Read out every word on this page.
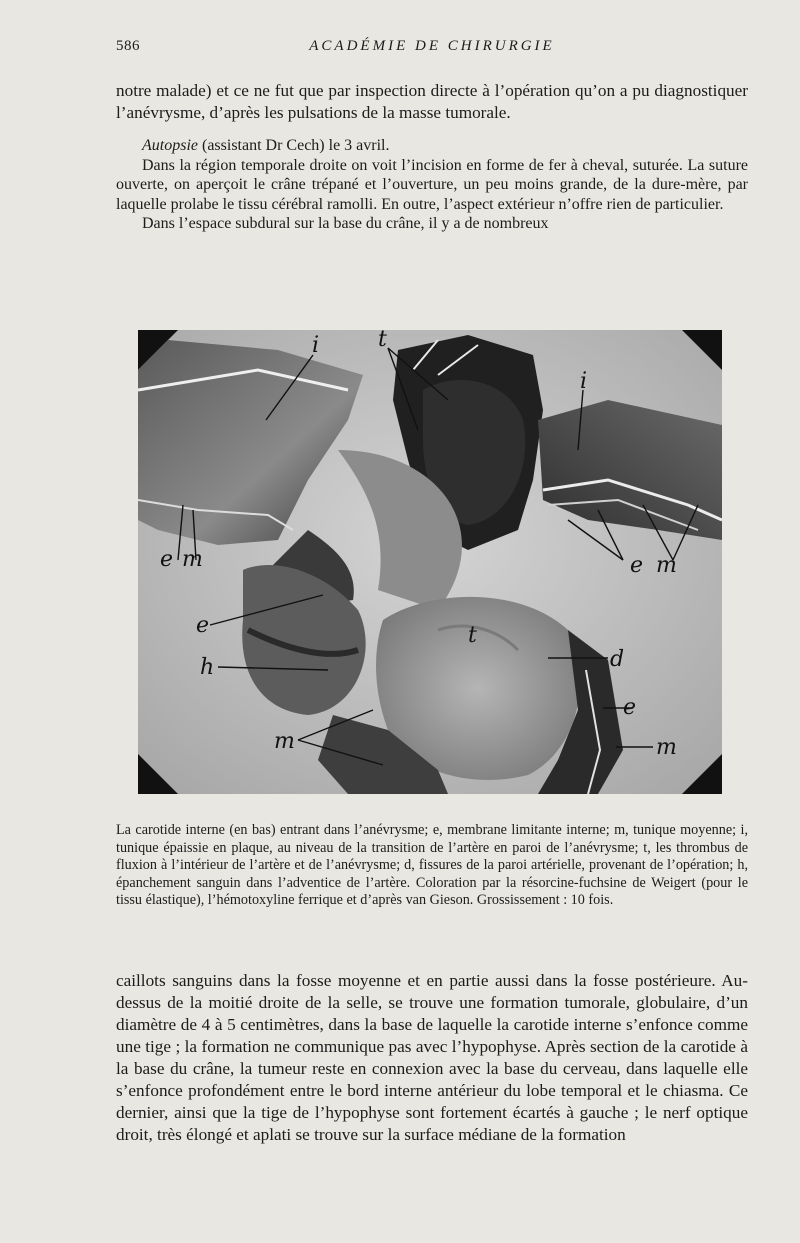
586	ACADÉMIE DE CHIRURGIE

notre malade) et ce ne fut que par inspection directe à l’opération qu’on a pu diagnostiquer l’anévrysme, d’après les pulsations de la masse tumorale.

Autopsie (assistant Dr Cech) le 3 avril.

Dans la région temporale droite on voit l’incision en forme de fer à cheval, suturée. La suture ouverte, on aperçoit le crâne trépané et l’ouverture, un peu moins grande, de la dure-mère, par laquelle prolabe le tissu cérébral ramolli. En outre, l’aspect extérieur n’offre rien de particulier.

Dans l’espace subdural sur la base du crâne, il y a de nombreux

i	t
i
e m	e m
e	t
h	d
e
m	m

La carotide interne (en bas) entrant dans l’anévrysme; e, membrane limitante interne; m, tunique moyenne; i, tunique épaissie en plaque, au niveau de la transition de l’artère en paroi de l’anévrysme; t, les thrombus de fluxion à l’intérieur de l’artère et de l’anévrysme; d, fissures de la paroi artérielle, provenant de l’opération; h, épanchement sanguin dans l’adventice de l’artère. Coloration par la résorcine-fuchsine de Weigert (pour le tissu élastique), l’hémotoxyline ferrique et d’après van Gieson. Grossissement : 10 fois.

caillots sanguins dans la fosse moyenne et en partie aussi dans la fosse postérieure. Au-dessus de la moitié droite de la selle, se trouve une formation tumorale, globulaire, d’un diamètre de 4 à 5 centimètres, dans la base de laquelle la carotide interne s’enfonce comme une tige ; la formation ne communique pas avec l’hypophyse. Après section de la carotide à la base du crâne, la tumeur reste en connexion avec la base du cerveau, dans laquelle elle s’enfonce profondément entre le bord interne antérieur du lobe temporal et le chiasma. Ce dernier, ainsi que la tige de l’hypophyse sont fortement écartés à gauche ; le nerf optique droit, très élongé et aplati se trouve sur la surface médiane de la formation
